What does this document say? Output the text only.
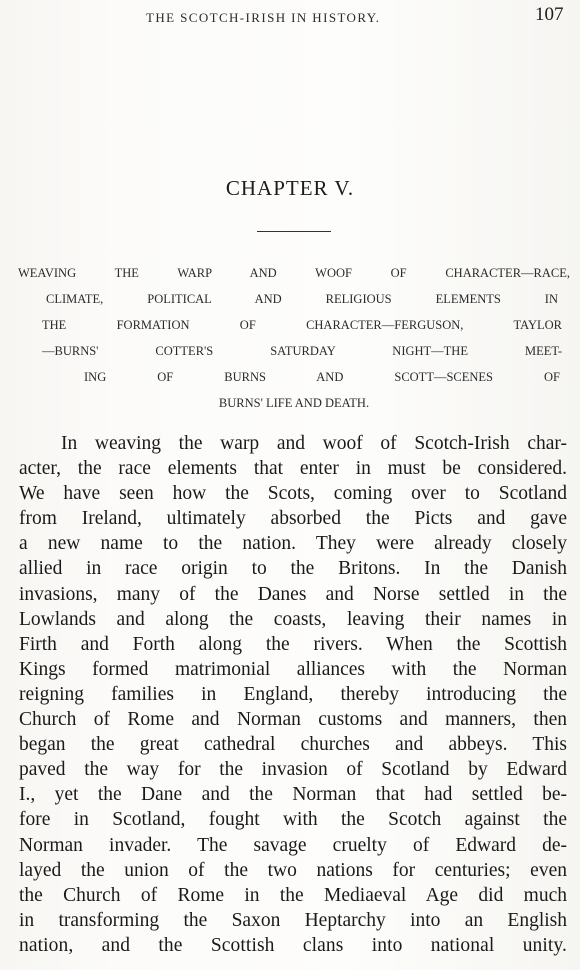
THE SCOTCH-IRISH IN HISTORY.	107
CHAPTER V.
WEAVING THE WARP AND WOOF OF CHARACTER—RACE,
CLIMATE, POLITICAL AND RELIGIOUS ELEMENTS IN
THE FORMATION OF CHARACTER—FERGUSON, TAYLOR
—BURNS' COTTER'S SATURDAY NIGHT—THE MEET-
ING OF BURNS AND SCOTT—SCENES OF
BURNS' LIFE AND DEATH.
In weaving the warp and woof of Scotch-Irish char-
acter, the race elements that enter in must be considered.
We have seen how the Scots, coming over to Scotland
from Ireland, ultimately absorbed the Picts and gave
a new name to the nation. They were already closely
allied in race origin to the Britons. In the Danish
invasions, many of the Danes and Norse settled in the
Lowlands and along the coasts, leaving their names in
Firth and Forth along the rivers. When the Scottish
Kings formed matrimonial alliances with the Norman
reigning families in England, thereby introducing the
Church of Rome and Norman customs and manners, then
began the great cathedral churches and abbeys. This
paved the way for the invasion of Scotland by Edward
I., yet the Dane and the Norman that had settled be-
fore in Scotland, fought with the Scotch against the
Norman invader. The savage cruelty of Edward de-
layed the union of the two nations for centuries; even
the Church of Rome in the Mediaeval Age did much
in transforming the Saxon Heptarchy into an English
nation, and the Scottish clans into national unity.
